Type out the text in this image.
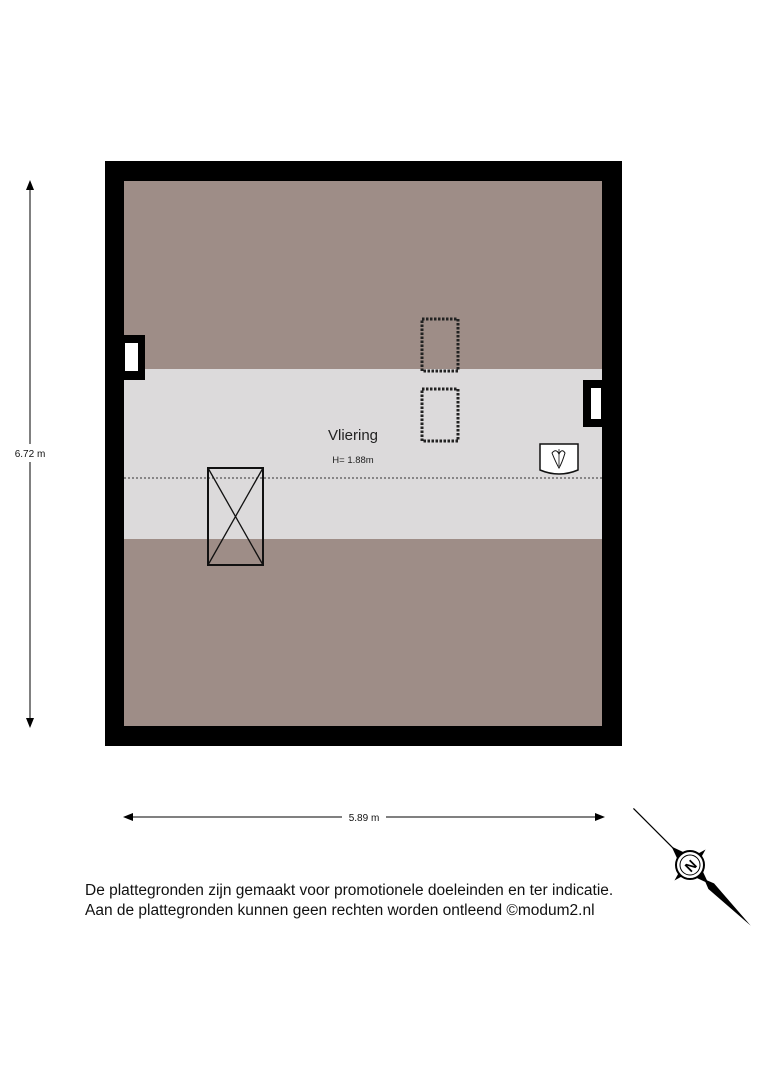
Vliering
H= 1.88m
6.72 m
5.89 m
N
De plattegronden zijn gemaakt voor promotionele doeleinden en ter indicatie.
Aan de plattegronden kunnen geen rechten worden ontleend ©modum2.nl
